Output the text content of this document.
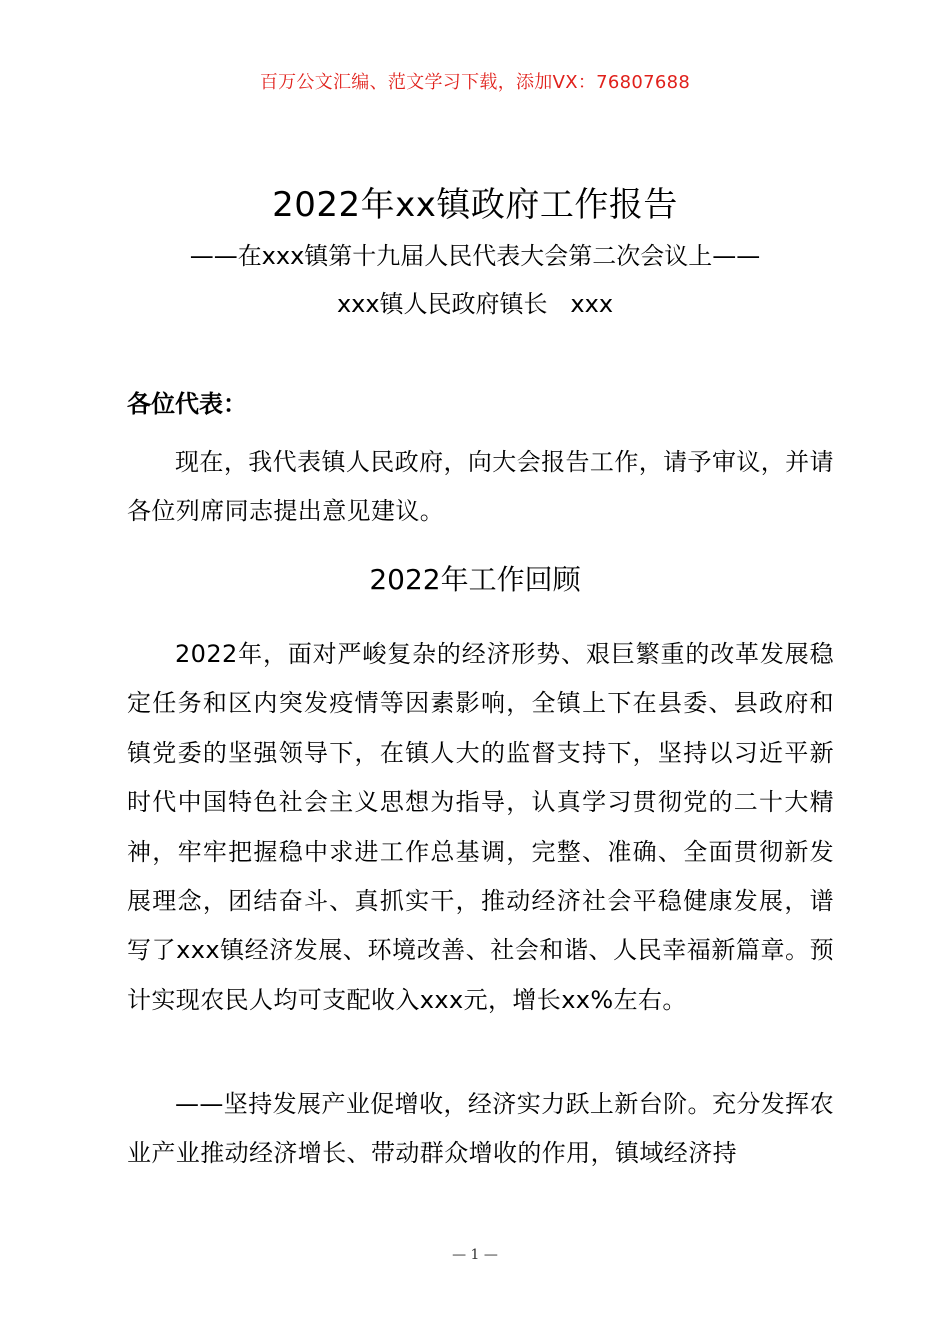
百万公文汇编、范文学习下载，添加VX：76807688
2022年xx镇政府工作报告
——在xxx镇第十九届人民代表大会第二次会议上——
xxx镇人民政府镇长   xxx
各位代表：

现在，我代表镇人民政府，向大会报告工作，请予审议，并请各位列席同志提出意见建议。

2022年工作回顾

2022年，面对严峻复杂的经济形势、艰巨繁重的改革发展稳定任务和区内突发疫情等因素影响，全镇上下在县委、县政府和镇党委的坚强领导下，在镇人大的监督支持下，坚持以习近平新时代中国特色社会主义思想为指导，认真学习贯彻党的二十大精神，牢牢把握稳中求进工作总基调，完整、准确、全面贯彻新发展理念，团结奋斗、真抓实干，推动经济社会平稳健康发展，谱写了xxx镇经济发展、环境改善、社会和谐、人民幸福新篇章。预计实现农民人均可支配收入xxx元，增长xx%左右。

——坚持发展产业促增收，经济实力跃上新台阶。充分发挥农业产业推动经济增长、带动群众增收的作用，镇域经济持

— 1 —
